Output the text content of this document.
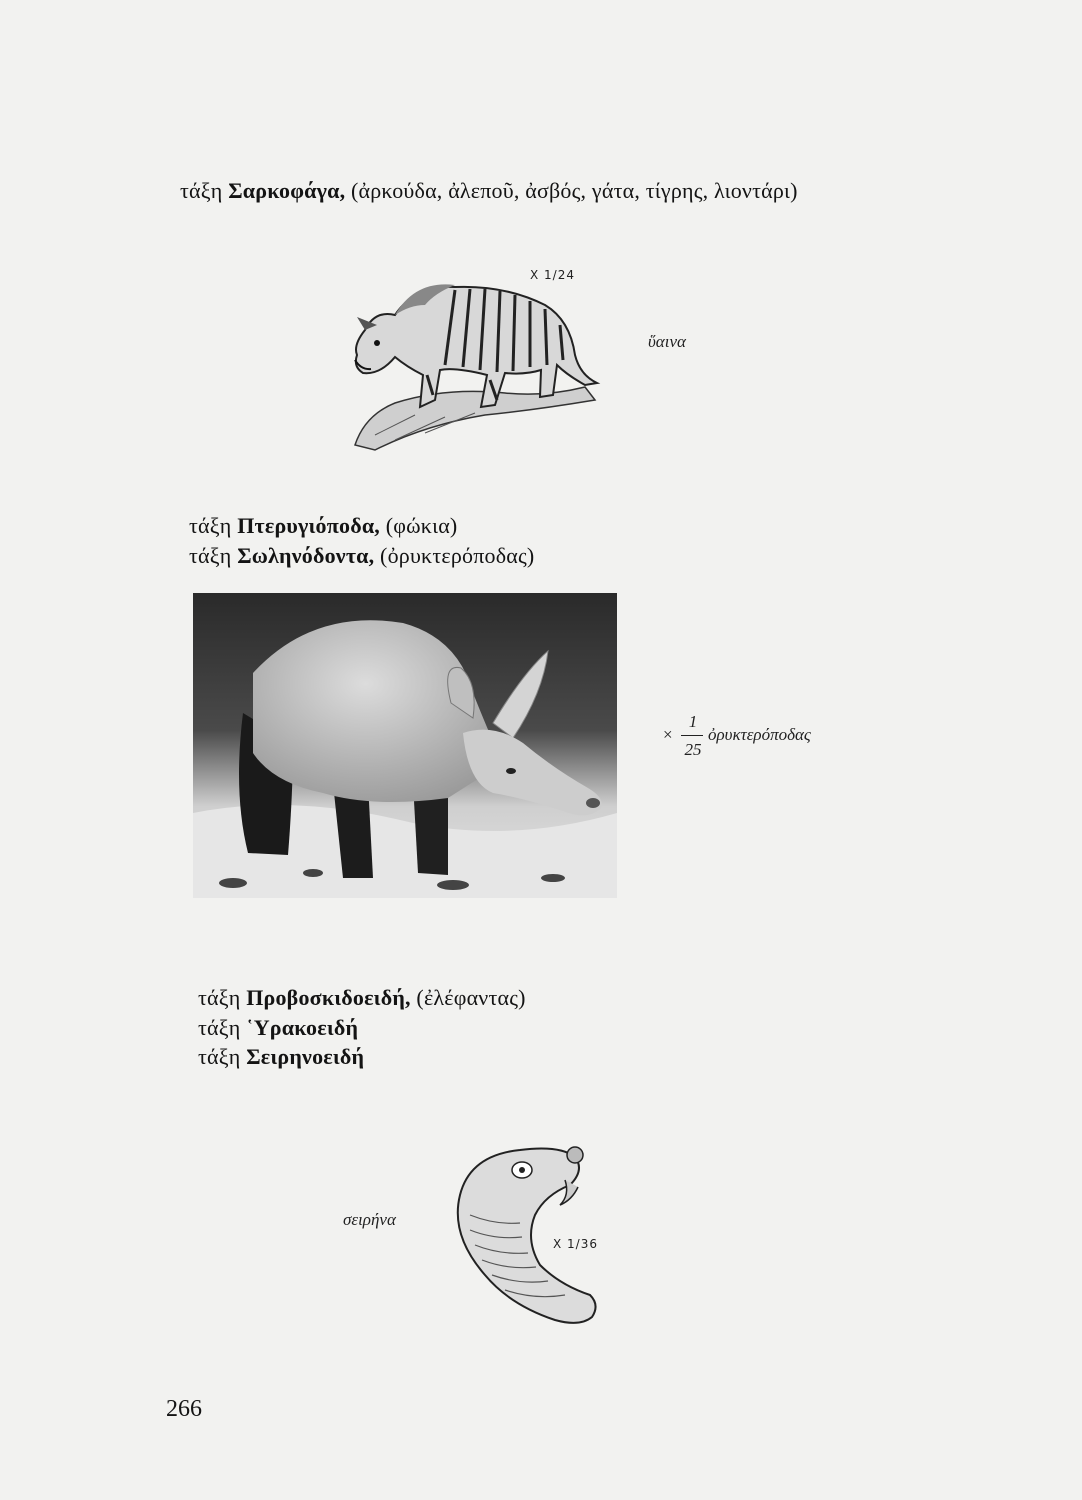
τάξη Σαρκοφάγα, (ἀρκούδα, ἀλεποῦ, ἀσβός, γάτα, τίγρης, λιοντάρι)
X 1/24
ὕαινα
τάξη Πτερυγιόποδα, (φώκια)
τάξη Σωληνόδοντα, (ὀρυκτερόποδας)
×
1
25
ὀρυκτερόποδας
τάξη Προβοσκιδοειδή, (ἐλέφαντας)
τάξη ῾Υρακοειδή
τάξη Σειρηνοειδή
σειρήνα
X 1/36
266
